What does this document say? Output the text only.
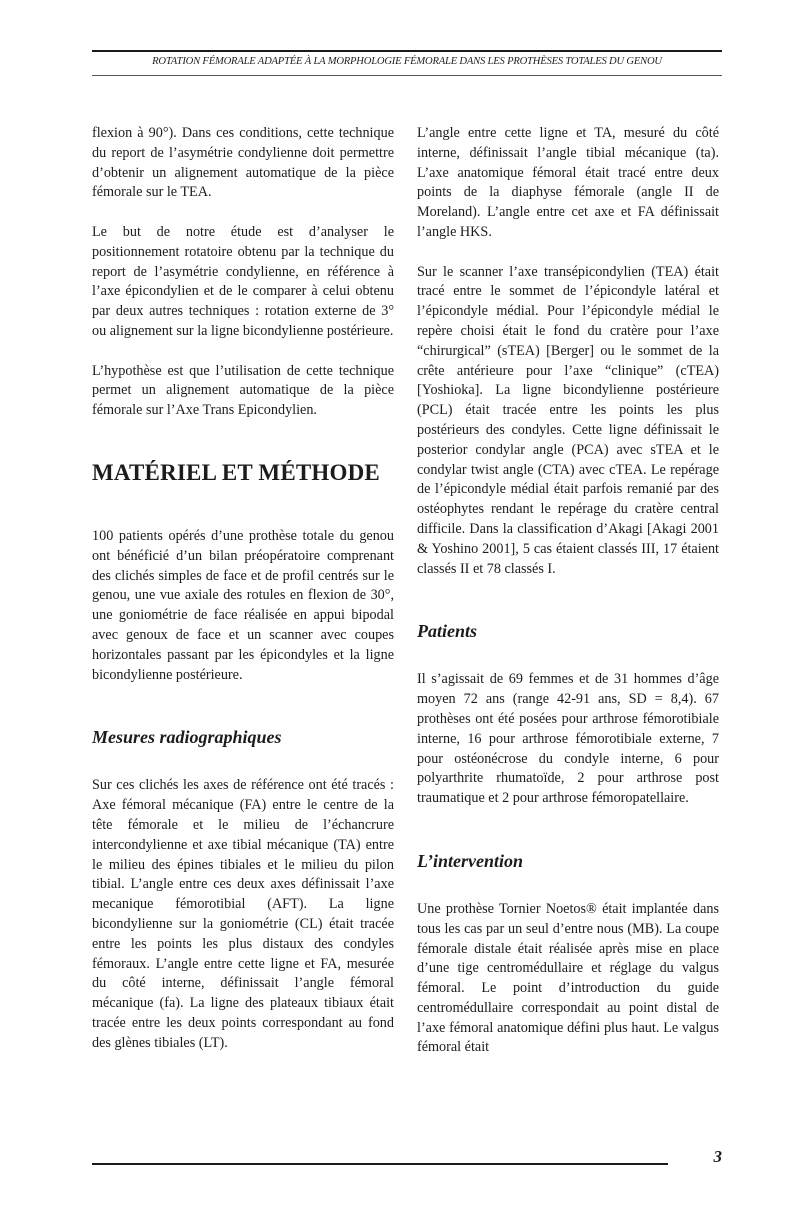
ROTATION FÉMORALE ADAPTÉE À LA MORPHOLOGIE FÉMORALE DANS LES PROTHÈSES TOTALES DU GENOU

flexion à 90°). Dans ces conditions, cette technique du report de l’asymétrie condylienne doit permettre d’obtenir un alignement automatique de la pièce fémorale sur le TEA.

Le but de notre étude est d’analyser le positionnement rotatoire obtenu par la technique du report de l’asymétrie condylienne, en référence à l’axe épicondylien et de le comparer à celui obtenu par deux autres techniques : rotation externe de 3° ou alignement sur la ligne bicondylienne postérieure.

L’hypothèse est que l’utilisation de cette technique permet un alignement automatique de la pièce fémorale sur l’Axe Trans Epicondylien.

MATÉRIEL ET MÉTHODE

100 patients opérés d’une prothèse totale du genou ont bénéficié d’un bilan préopératoire comprenant des clichés simples de face et de profil centrés sur le genou, une vue axiale des rotules en flexion de 30°, une goniométrie de face réalisée en appui bipodal avec genoux de face et un scanner avec coupes horizontales passant par les épicondyles et la ligne bicondylienne postérieure.

Mesures radiographiques

Sur ces clichés les axes de référence ont été tracés : Axe fémoral mécanique (FA) entre le centre de la tête fémorale et le milieu de l’échancrure intercondylienne et axe tibial mécanique (TA) entre le milieu des épines tibiales et le milieu du pilon tibial. L’angle entre ces deux axes définissait l’axe mecanique fémorotibial (AFT). La ligne bicondylienne sur la goniométrie (CL) était tracée entre les points les plus distaux des condyles fémoraux. L’angle entre cette ligne et FA, mesurée du côté interne, définissait l’angle fémoral mécanique (fa). La ligne des plateaux tibiaux était tracée entre les deux points correspondant au fond des glènes tibiales (LT).

L’angle entre cette ligne et TA, mesuré du côté interne, définissait l’angle tibial mécanique (ta). L’axe anatomique fémoral était tracé entre deux points de la diaphyse fémorale (angle II de Moreland). L’angle entre cet axe et FA définissait l’angle HKS.

Sur le scanner l’axe transépicondylien (TEA) était tracé entre le sommet de l’épicondyle latéral et l’épicondyle médial. Pour l’épicondyle médial le repère choisi était le fond du cratère pour l’axe “chirurgical” (sTEA) [Berger] ou le sommet de la crête antérieure pour l’axe “clinique” (cTEA) [Yoshioka]. La ligne bicondylienne postérieure (PCL) était tracée entre les points les plus postérieurs des condyles. Cette ligne définissait le posterior condylar angle (PCA) avec sTEA et le condylar twist angle (CTA) avec cTEA. Le repérage de l’épicondyle médial était parfois remanié par des ostéophytes rendant le repérage du cratère central difficile. Dans la classification d’Akagi [Akagi 2001 & Yoshino 2001], 5 cas étaient classés III, 17 étaient classés II et 78 classés I.

Patients

Il s’agissait de 69 femmes et de 31 hommes d’âge moyen 72 ans (range 42-91 ans, SD = 8,4). 67 prothèses ont été posées pour arthrose fémorotibiale interne, 16 pour arthrose fémorotibiale externe, 7 pour ostéonécrose du condyle interne, 6 pour polyarthrite rhumatoïde, 2 pour arthrose post traumatique et 2 pour arthrose fémoropatellaire.

L’intervention

Une prothèse Tornier Noetos® était implantée dans tous les cas par un seul d’entre nous (MB). La coupe fémorale distale était réalisée après mise en place d’une tige centromédullaire et réglage du valgus fémoral. Le point d’introduction du guide centromédullaire correspondait au point distal de l’axe fémoral anatomique défini plus haut. Le valgus fémoral était

3
